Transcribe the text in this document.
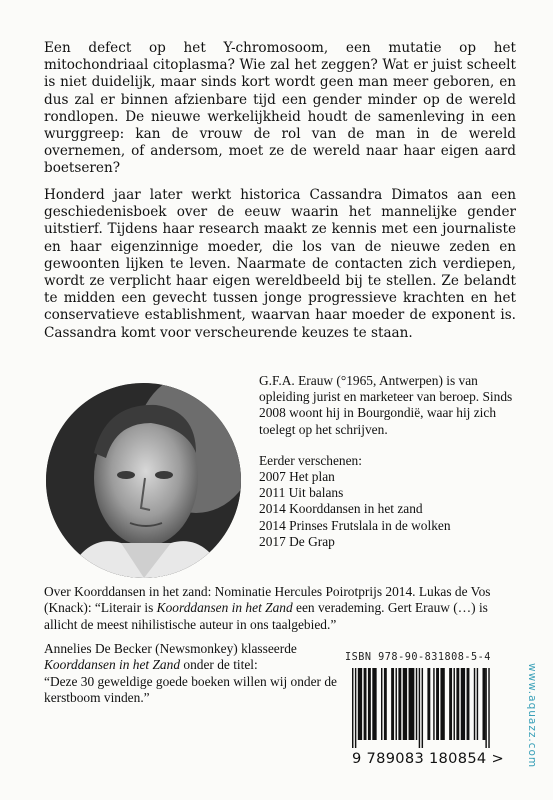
Een defect op het Y-chromosoom, een mutatie op het mitochondriaal citoplasma? Wie zal het zeggen? Wat er juist scheelt is niet duidelijk, maar sinds kort wordt geen man meer geboren, en dus zal er binnen afzienbare tijd een gender minder op de wereld rondlopen. De nieuwe werkelijkheid houdt de samenleving in een wurggreep: kan de vrouw de rol van de man in de wereld overnemen, of andersom, moet ze de wereld naar haar eigen aard boetseren?
Honderd jaar later werkt historica Cassandra Dimatos aan een geschiedenisboek over de eeuw waarin het mannelijke gender uitstierf. Tijdens haar research maakt ze kennis met een journaliste en haar eigenzinnige moeder, die los van de nieuwe zeden en gewoonten lijken te leven. Naarmate de contacten zich verdiepen, wordt ze verplicht haar eigen wereldbeeld bij te stellen. Ze belandt te midden een gevecht tussen jonge progressieve krachten en het conservatieve establishment, waarvan haar moeder de exponent is. Cassandra komt voor verscheurende keuzes te staan.

G.F.A. Erauw (°1965, Antwerpen) is van opleiding jurist en marketeer van beroep. Sinds 2008 woont hij in Bourgondië, waar hij zich toelegt op het schrijven.

Eerder verschenen:

2007 Het plan
2011 Uit balans
2014 Koorddansen in het zand
2014 Prinses Frutslala in de wolken
2017 De Grap

Over Koorddansen in het zand: Nominatie Hercules Poirotprijs 2014. Lukas de Vos (Knack): “Literair is Koorddansen in het Zand een verademing. Gert Erauw (…) is allicht de meest nihilistische auteur in ons taalgebied.”

Annelies De Becker (Newsmonkey) klasseerde

Koorddansen in het Zand onder de titel:

“Deze 30 geweldige goede boeken willen wij onder de kerstboom vinden.”

ISBN 978-90-831808-5-4
9 789083 180854 >	www.aquazz.com
